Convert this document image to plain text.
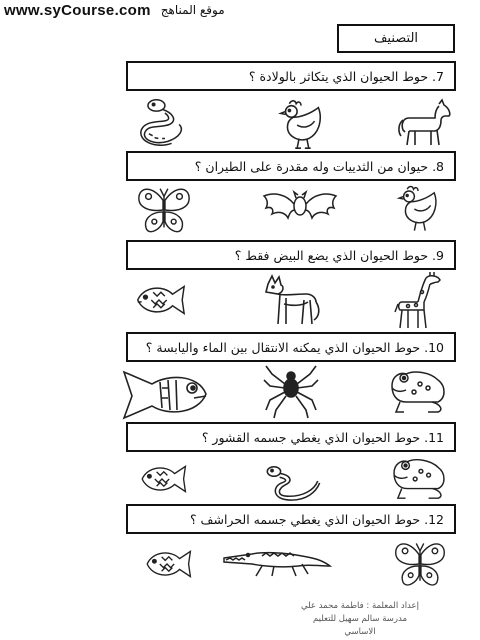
www.syCourse.com موقع المناهج
التصنيف
7. حوط الحيوان الذي يتكاثر بالولادة ؟
8. حيوان من الثدييات وله مقدرة على الطيران ؟
9. حوط الحيوان الذي يضع البيض فقط ؟
10. حوط الحيوان الذي يمكنه الانتقال بين الماء واليابسة ؟
11. حوط الحيوان الذي يغطي جسمه القشور ؟
12. حوط الحيوان الذي يغطي جسمه الحراشف ؟
إعداد المعلمة : فاطمة محمد علي
مدرسة سالم سهيل للتعليم الاساسي
